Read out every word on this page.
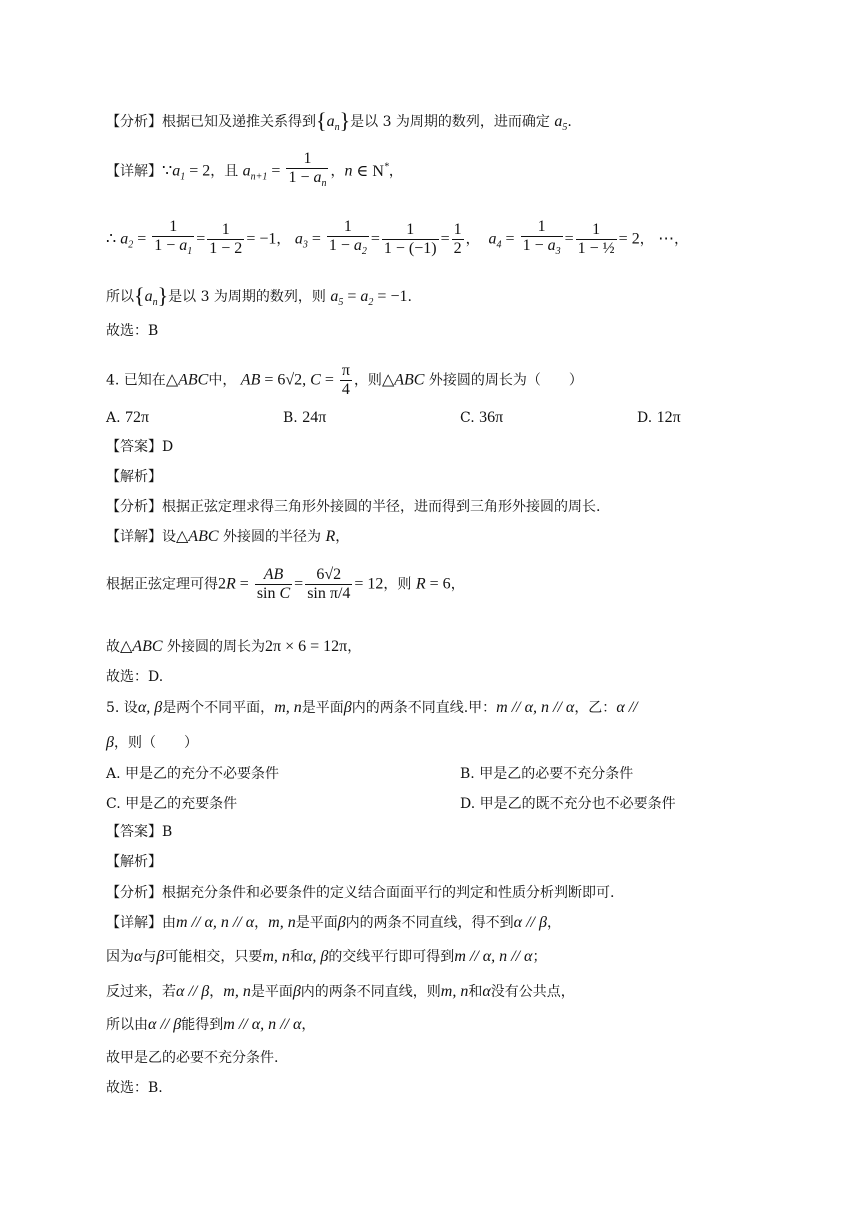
【分析】根据已知及递推关系得到$\{a_n\}$是以 3 为周期的数列，进而确定 $a_5$.
【详解】$\because a_1 = 2$，且 $a_{n+1} = \frac{1}{1 - a_n}$ ，n ∈ N*，
∴ $a_2 = \frac{1}{1 - a_1} = \frac{1}{1 - 2} = -1$， $a_3 = \frac{1}{1 - a_2} = \frac{1}{1 - (-1)} = \frac{1}{2}$ ，  $a_4 = \frac{1}{1 - a_3} = \frac{1}{\text{1 − ½}} = 2$， ⋯，
所以$\{a_n\}$是以 3 为周期的数列，则 $a_5 = a_2 = -1$.
故选：B
4. 已知在△ABC中， AB = 6√2, $C = \frac{\pi}{4}$ ，则△ABC 外接圆的周长为（　　）
A. 72π	B. 24π	C. 36π	D. 12π
【答案】D
【解析】
【分析】根据正弦定理求得三角形外接圆的半径，进而得到三角形外接圆的周长.
【详解】设△ABC 外接圆的半径为 R，
根据正弦定理可得$2R = \frac{AB}{\text{sin C}} = \frac{6√2}{\text{sin π/4}} = 12$，则 R = 6，
故△ABC 外接圆的周长为2π × 6 = 12π，
故选：D.
5. 设α, β是两个不同平面，m, n是平面β内的两条不同直线.甲：m // α, n // α，乙：α //
β，则（　　）
A. 甲是乙的充分不必要条件	B. 甲是乙的必要不充分条件
C. 甲是乙的充要条件	D. 甲是乙的既不充分也不必要条件
【答案】B
【解析】
【分析】根据充分条件和必要条件的定义结合面面平行的判定和性质分析判断即可.
【详解】由m // α, n // α，m, n是平面β内的两条不同直线，得不到α // β，
因为α与β可能相交，只要m, n和α, β的交线平行即可得到m // α, n // α；
反过来，若α // β，m, n是平面β内的两条不同直线，则m, n和α没有公共点，
所以由α // β能得到m // α, n // α，
故甲是乙的必要不充分条件.
故选：B.
